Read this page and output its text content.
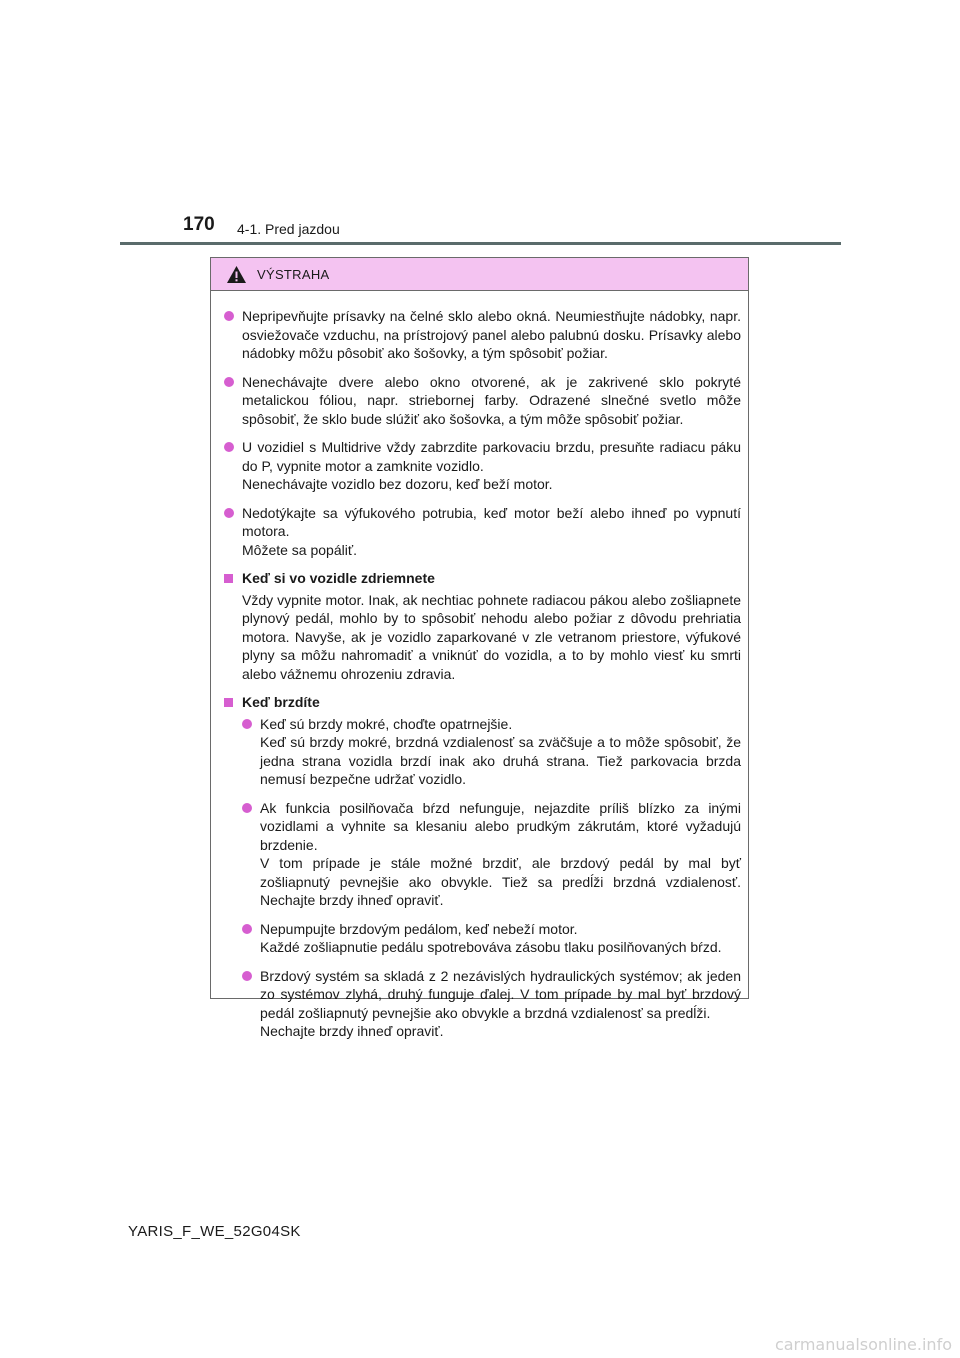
170 4-1. Pred jazdou
VÝSTRAHA
Nepripevňujte prísavky na čelné sklo alebo okná. Neumiestňujte nádobky, napr. osviežovače vzduchu, na prístrojový panel alebo palubnú dosku. Prísavky alebo nádobky môžu pôsobiť ako šošovky, a tým spôsobiť požiar.
Nenechávajte dvere alebo okno otvorené, ak je zakrivené sklo pokryté metalickou fóliou, napr. striebornej farby. Odrazené slnečné svetlo môže spôsobiť, že sklo bude slúžiť ako šošovka, a tým môže spôsobiť požiar.
U vozidiel s Multidrive vždy zabrzdite parkovaciu brzdu, presuňte radiacu páku do P, vypnite motor a zamknite vozidlo.
Nenechávajte vozidlo bez dozoru, keď beží motor.
Nedotýkajte sa výfukového potrubia, keď motor beží alebo ihneď po vypnutí motora.
Môžete sa popáliť.
Keď si vo vozidle zdriemnete
Vždy vypnite motor. Inak, ak nechtiac pohnete radiacou pákou alebo zošliapnete plynový pedál, mohlo by to spôsobiť nehodu alebo požiar z dôvodu prehriatia motora. Navyše, ak je vozidlo zaparkované v zle vetranom priestore, výfukové plyny sa môžu nahromadiť a vniknúť do vozidla, a to by mohlo viesť ku smrti alebo vážnemu ohrozeniu zdravia.
Keď brzdíte
Keď sú brzdy mokré, choďte opatrnejšie.
Keď sú brzdy mokré, brzdná vzdialenosť sa zväčšuje a to môže spôsobiť, že jedna strana vozidla brzdí inak ako druhá strana. Tiež parkovacia brzda nemusí bezpečne udržať vozidlo.
Ak funkcia posilňovača bŕzd nefunguje, nejazdite príliš blízko za inými vozidlami a vyhnite sa klesaniu alebo prudkým zákrutám, ktoré vyžadujú brzdenie.
V tom prípade je stále možné brzdiť, ale brzdový pedál by mal byť zošliapnutý pevnejšie ako obvykle. Tiež sa predĺži brzdná vzdialenosť. Nechajte brzdy ihneď opraviť.
Nepumpujte brzdovým pedálom, keď nebeží motor.
Každé zošliapnutie pedálu spotrebováva zásobu tlaku posilňovaných bŕzd.
Brzdový systém sa skladá z 2 nezávislých hydraulických systémov; ak jeden zo systémov zlyhá, druhý funguje ďalej. V tom prípade by mal byť brzdový pedál zošliapnutý pevnejšie ako obvykle a brzdná vzdialenosť sa predĺži.
Nechajte brzdy ihneď opraviť.
YARIS_F_WE_52G04SK
carmanualsonline.info
